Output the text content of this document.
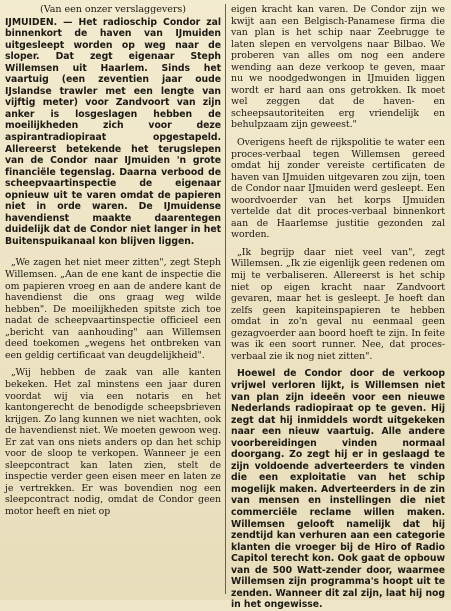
(Van een onzer verslaggevers)

IJMUIDEN. — Het radioschip Condor zal binnenkort de haven van IJmuiden uitgesleept worden op weg naar de sloper. Dat zegt eigenaar Steph Willemsen uit Haarlem. Sinds het vaartuig (een zeventien jaar oude IJslandse trawler met een lengte van vijftig meter) voor Zandvoort van zijn anker is losgeslagen hebben de moeilijkheden zich voor deze aspirantradiopiraat opgestapeld. Allereerst betekende het terugslepen van de Condor naar IJmuiden 'n grote financiële tegenslag. Daarna verbood de scheepvaartinspectie de eigenaar opnieuw uit te varen omdat de papieren niet in orde waren. De IJmuidense havendienst maakte daarentegen duidelijk dat de Condor niet langer in het Buitenspuikanaal kon blijven liggen.

„We zagen het niet meer zitten", zegt Steph Willemsen. „Aan de ene kant de inspectie die om papieren vroeg en aan de andere kant de havendienst die ons graag weg wilde hebben". De moeilijkheden spitste zich toe nadat de scheepvaartinspectie officieel een „bericht van aanhouding" aan Willemsen deed toekomen „wegens het ontbreken van een geldig certificaat van deugdelijkheid".

„Wij hebben de zaak van alle kanten bekeken. Het zal minstens een jaar duren voordat wij via een notaris en het kantongerecht de benodigde scheepsbrieven krijgen. Zo lang kunnen we niet wachten, ook de havendienst niet. We moeten gewoon weg. Er zat van ons niets anders op dan het schip voor de sloop te verkopen. Wanneer je een sleepcontract kan laten zien, stelt de inspectie verder geen eisen meer en laten ze je vertrekken. Er was bovendien nog een sleepcontract nodig, omdat de Condor geen motor heeft en niet op

eigen kracht kan varen. De Condor zijn we kwijt aan een Belgisch-Panamese firma die van plan is het schip naar Zeebrugge te laten slepen en vervolgens naar Bilbao. We proberen van alles om nog een andere wending aan deze verkoop te geven, maar nu we noodgedwongen in IJmuiden liggen wordt er hard aan ons getrokken. Ik moet wel zeggen dat de haven- en scheepsautoriteiten erg vriendelijk en behulpzaam zijn geweest."

Overigens heeft de rijkspolitie te water een proces-verbaal tegen Willemsen gereed omdat hij zonder vereiste certificaten de haven van IJmuiden uitgevaren zou zijn, toen de Condor naar IJmuiden werd gesleept. Een woordvoerder van het korps IJmuiden vertelde dat dit proces-verbaal binnenkort aan de Haarlemse justitie gezonden zal worden.

„Ik begrijp daar niet veel van", zegt Willemsen. „Ik zie eigenlijk geen redenen om mij te verbaliseren. Allereerst is het schip niet op eigen kracht naar Zandvoort gevaren, maar het is gesleept. Je hoeft dan zelfs geen kapiteinspapieren te hebben omdat in zo'n geval nu eenmaal geen gezagvoerder aan boord hoeft te zijn. In feite was ik een soort runner. Nee, dat proces-verbaal zie ik nog niet zitten".

Hoewel de Condor door de verkoop vrijwel verloren lijkt, is Willemsen niet van plan zijn ideeën voor een nieuwe Nederlands radiopiraat op te geven. Hij zegt dat hij inmiddels wordt uitgekeken naar een nieuw vaartuig. Alle andere voorbereidingen vinden normaal doorgang. Zo zegt hij er in geslaagd te zijn voldoende adverteerders te vinden die een exploitatie van het schip mogelijk maken. Adverteerders in de zin van mensen en instellingen die niet commerciële reclame willen maken. Willemsen gelooft namelijk dat hij zendtijd kan verhuren aan een categorie klanten die vroeger bij de Hiro of Radio Capitol terecht kon. Ook gaat de opbouw van de 500 Watt-zender door, waarmee Willemsen zijn programma's hoopt uit te zenden. Wanneer dit zal zijn, laat hij nog in het ongewisse.
